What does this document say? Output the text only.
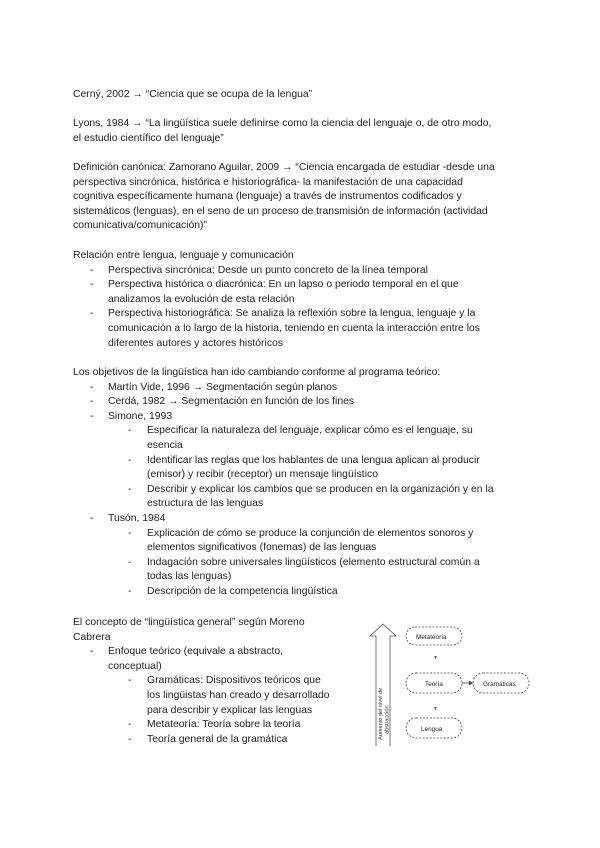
Cerný, 2002 → “Ciencia que se ocupa de la lengua”

Lyons, 1984 → “La lingüística suele definirse como la ciencia del lenguaje o, de otro modo,

el estudio científico del lenguaje”

Definición canónica: Zamorano Aguilar, 2009 → “Ciencia encargada de estudiar -desde una

perspectiva sincrónica, histórica e historiográfica- la manifestación de una capacidad

cognitiva específicamente humana (lenguaje) a través de instrumentos codificados y

sistemáticos (lenguas), en el seno de un proceso de transmisión de información (actividad

comunicativa/comunicación)”

Relación entre lengua, lenguaje y comunicación

- Perspectiva sincrónica: Desde un punto concreto de la línea temporal

- Perspectiva histórica o diacrónica: En un lapso o periodo temporal en el que

analizamos la evolución de esta relación

- Perspectiva historiográfica: Se analiza la reflexión sobre la lengua, lenguaje y la

comunicación a lo largo de la historia, teniendo en cuenta la interacción entre los

diferentes autores y actores históricos

Los objetivos de la lingüística han ido cambiando conforme al programa teórico:

- Martín Vide, 1996 → Segmentación según planos

- Cerdá, 1982 → Segmentación en función de los fines

- Simone, 1993

- Especificar la naturaleza del lenguaje, explicar cómo es el lenguaje, su

esencia

- Identificar las reglas que los hablantes de una lengua aplican al producir

(emisor) y recibir (receptor) un mensaje lingüístico

- Describir y explicar los cambios que se producen en la organización y en la

estructura de las lenguas

- Tusón, 1984

- Explicación de cómo se produce la conjunción de elementos sonoros y

elementos significativos (fonemas) de las lenguas

- Indagación sobre universales lingüísticos (elemento estructural común a

todas las lenguas)

- Descripción de la competencia lingüística

El concepto de “lingüística general” según Moreno

Cabrera

- Enfoque teórico (equivale a abstracto,

conceptual)

- Gramáticas: Dispositivos teóricos que

los lingüistas han creado y desarrollado

para describir y explicar las lenguas

- Metateoría: Teoría sobre la teoría

- Teoría general de la gramática	Aumento del nivel de abstracción
Metateoría
▼
Teoría	Gramáticas
▼
Lengua
